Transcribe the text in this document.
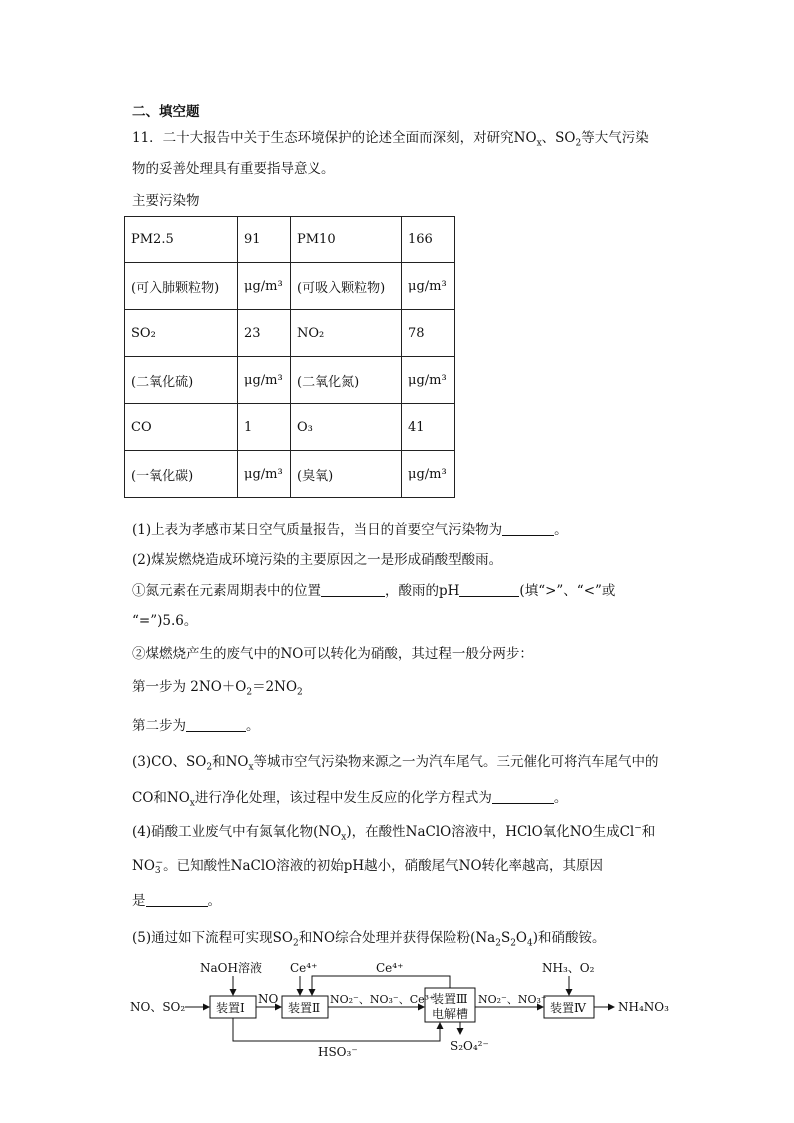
二、填空题
11．二十大报告中关于生态环境保护的论述全面而深刻，对研究$NO_x$、$SO_2$等大气污染
物的妥善处理具有重要指导意义。
主要污染物
PM2.5	91	PM10	166
(可入肺颗粒物)	μg/m³	(可吸入颗粒物)	μg/m³
SO₂	23	NO₂	78
(二氧化硫)	μg/m³	(二氧化氮)	μg/m³
CO	1	O₃	41
(一氧化碳)	μg/m³	(臭氧)	μg/m³
(1)上表为孝感市某日空气质量报告，当日的首要空气污染物为	。
(2)煤炭燃烧造成环境污染的主要原因之一是形成硝酸型酸雨。
①氮元素在元素周期表中的位置	，酸雨的pH	(填“>”、“<”或
“=”)5.6。
②煤燃烧产生的废气中的NO可以转化为硝酸，其过程一般分两步：
第一步为 $2NO+O_2=2NO_2$
第二步为	。
(3)CO、$SO_2$和$NO_x$等城市空气污染物来源之一为汽车尾气。三元催化可将汽车尾气中的
CO和$NO_x$进行净化处理，该过程中发生反应的化学方程式为	。
(4)硝酸工业废气中有氮氧化物$(NO_x)$，在酸性NaClO溶液中，HClO氧化NO生成Cl−和
$NO_3^-$。已知酸性NaClO溶液的初始pH越小，硝酸尾气NO转化率越高，其原因
是	。
(5)通过如下流程可实现$SO_2$和NO综合处理并获得保险粉$(Na_2S_2O_4)$和硝酸铵。
NO、SO₂
NaOH溶液 Ce⁴⁺	Ce⁴⁺	NH₃、O₂
装置Ⅰ	装置Ⅱ
装置Ⅲ
电解槽	装置Ⅳ
NO	NO₂⁻、NO₃⁻、Ce³⁺	NO₂⁻、NO₃⁻
NH₄NO₃
HSO₃⁻	S₂O₄²⁻
